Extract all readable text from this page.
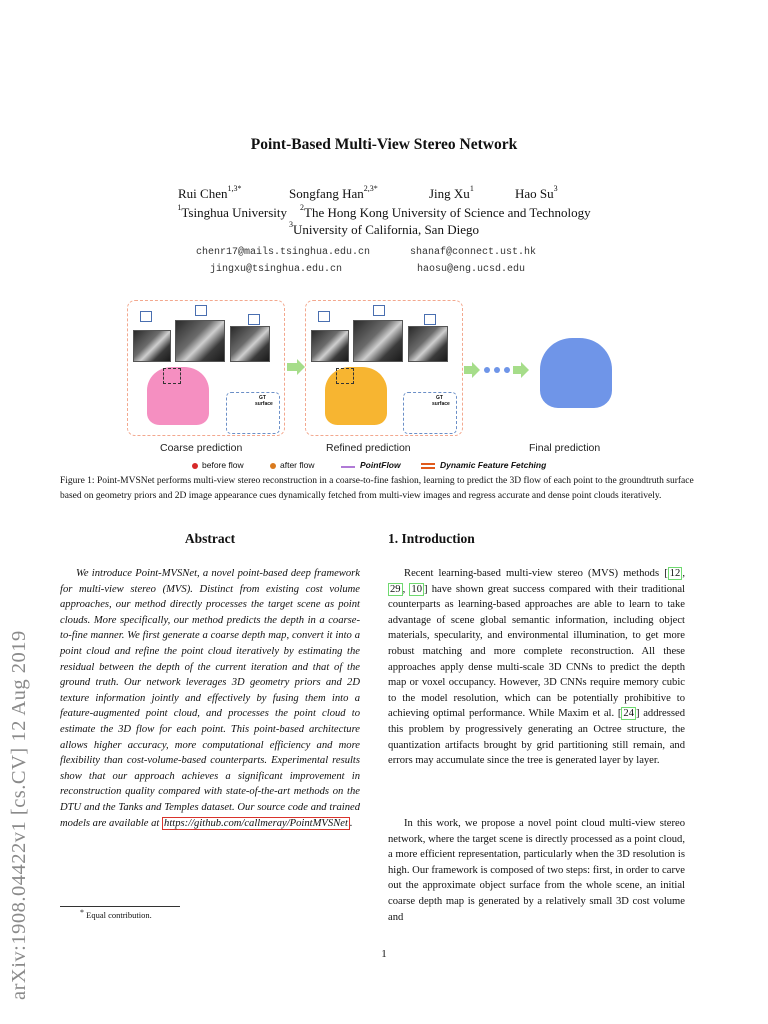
arXiv:1908.04422v1 [cs.CV] 12 Aug 2019
Point-Based Multi-View Stereo Network
Rui Chen$^{1,3*}$	Songfang Han$^{2,3*}$	Jing Xu$^1$	Hao Su$^3$
$^1$Tsinghua University $^2$The Hong Kong University of Science and Technology
$^3$University of California, San Diego
chenr17@mails.tsinghua.edu.cn	shanaf@connect.ust.hk
jingxu@tsinghua.edu.cn	haosu@eng.ucsd.edu
GT
surface
GT
surface
Coarse prediction	Refined prediction	Final prediction
before flow	after flow	PointFlow	Dynamic Feature Fetching
Figure 1: Point-MVSNet performs multi-view stereo reconstruction in a coarse-to-fine fashion, learning to predict the 3D flow of each point to the groundtruth surface based on geometry priors and 2D image appearance cues dynamically fetched from multi-view images and regress accurate and dense point clouds iteratively.
Abstract
We introduce Point-MVSNet, a novel point-based deep framework for multi-view stereo (MVS). Distinct from existing cost volume approaches, our method directly processes the target scene as point clouds. More specifically, our method predicts the depth in a coarse-to-fine manner. We first generate a coarse depth map, convert it into a point cloud and refine the point cloud iteratively by estimating the residual between the depth of the current iteration and that of the ground truth. Our network leverages 3D geometry priors and 2D texture information jointly and effectively by fusing them into a feature-augmented point cloud, and processes the point cloud to estimate the 3D flow for each point. This point-based architecture allows higher accuracy, more computational efficiency and more flexibility than cost-volume-based counterparts. Experimental results show that our approach achieves a significant improvement in reconstruction quality compared with state-of-the-art methods on the DTU and the Tanks and Temples dataset. Our source code and trained models are available at https://github.com/callmeray/PointMVSNet .
1. Introduction
Recent learning-based multi-view stereo (MVS) methods [ 12 , 29 , 10 ] have shown great success compared with their traditional counterparts as learning-based approaches are able to learn to take advantage of scene global semantic information, including object materials, specularity, and environmental illumination, to get more robust matching and more complete reconstruction. All these approaches apply dense multi-scale 3D CNNs to predict the depth map or voxel occupancy. However, 3D CNNs require memory cubic to the model resolution, which can be potentially prohibitive to achieving optimal performance. While Maxim et al. [ 24 ] addressed this problem by progressively generating an Octree structure, the quantization artifacts brought by grid partitioning still remain, and errors may accumulate since the tree is generated layer by layer.
In this work, we propose a novel point cloud multi-view stereo network, where the target scene is directly processed as a point cloud, a more efficient representation, particularly when the 3D resolution is high. Our framework is composed of two steps: first, in order to carve out the approximate object surface from the whole scene, an initial coarse depth map is generated by a relatively small 3D cost volume and
* Equal contribution.
1
